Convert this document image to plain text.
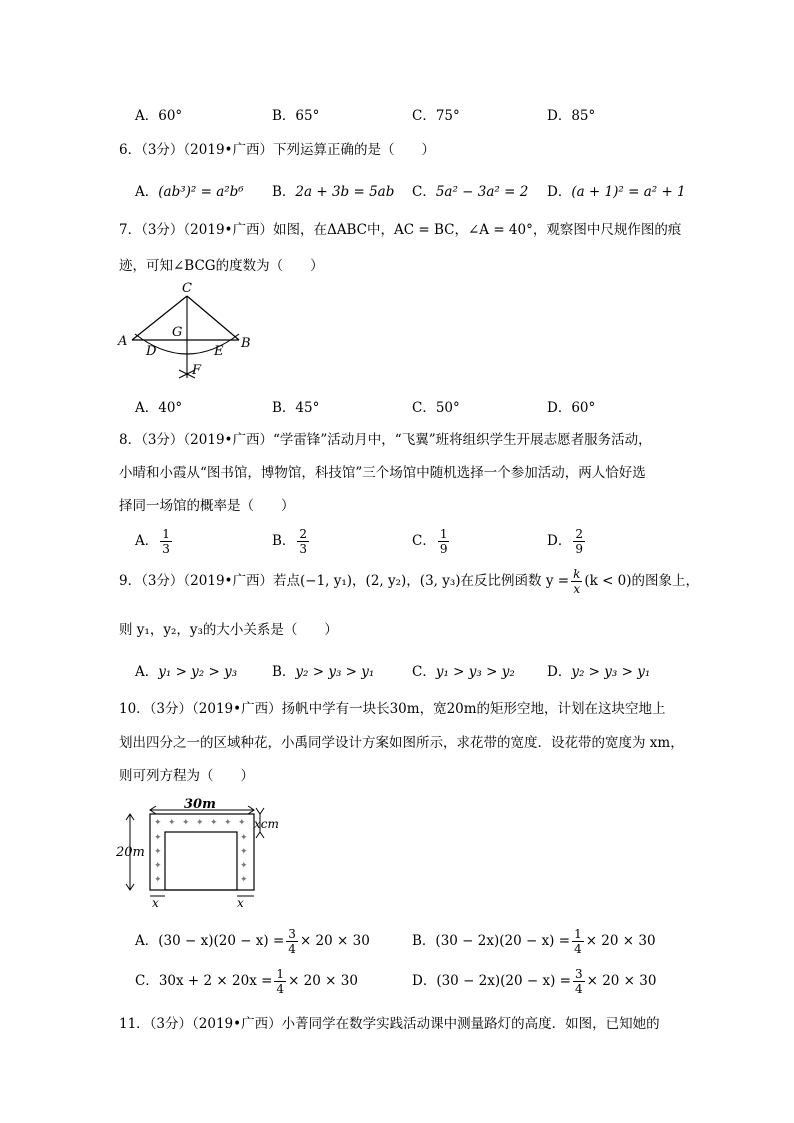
A．60°	B．65°	C．75°	D．85°
6．（3分）（2019•广西）下列运算正确的是（　　）
A．(ab³)² = a²b⁶ B．2a + 3b = 5ab C．5a² − 3a² = 2 D．(a + 1)² = a² + 1
7．（3分）（2019•广西）如图，在ΔABC中，AC = BC，∠A = 40°，观察图中尺规作图的痕
迹，可知∠BCG的度数为（　　）
C
A	B
D	E
G
F
A．40°	B．45°	C．50°	D．60°
8．（3分）（2019•广西）“学雷锋”活动月中，“飞翼”班将组织学生开展志愿者服务活动，
小晴和小霞从“图书馆，博物馆，科技馆”三个场馆中随机选择一个参加活动，两人恰好选
择同一场馆的概率是（　　）
A． $\frac{1}{3}$	B． $\frac{2}{3}$	C． $\frac{1}{9}$	D． $\frac{2}{9}$
9．（3分）（2019•广西）若点(−1, y₁)，(2, y₂)，(3, y₃)在反比例函数 $y = \frac{k}{x} (k < 0)$的图象上，
则 y₁，y₂，y₃的大小关系是（　　）
A．y₁ > y₂ > y₃	B．y₂ > y₃ > y₁	C．y₁ > y₃ > y₂ D．y₂ > y₃ > y₁
10．（3分）（2019•广西）扬帆中学有一块长30m，宽20m的矩形空地，计划在这块空地上
划出四分之一的区域种花，小禹同学设计方案如图所示，求花带的宽度．设花带的宽度为 xm，
则可列方程为（　　）
30m
20m
✦ ✦ ✦ ✦ ✦ ✦ ✦
✦
✦
✦
✦
✦
✦
✦
✦
xcm
x	x
A．$(30 - x)(20 - x) = \frac{3}{4} \times 20 \times 30$	B．$(30 - 2x)(20 - x) = \frac{1}{4} \times 20 \times 30$
C．$30x + 2 \times 20x = \frac{1}{4} \times 20 \times 30$	D．$(30 - 2x)(20 - x) = \frac{3}{4} \times 20 \times 30$
11．（3分）（2019•广西）小菁同学在数学实践活动课中测量路灯的高度．如图，已知她的
